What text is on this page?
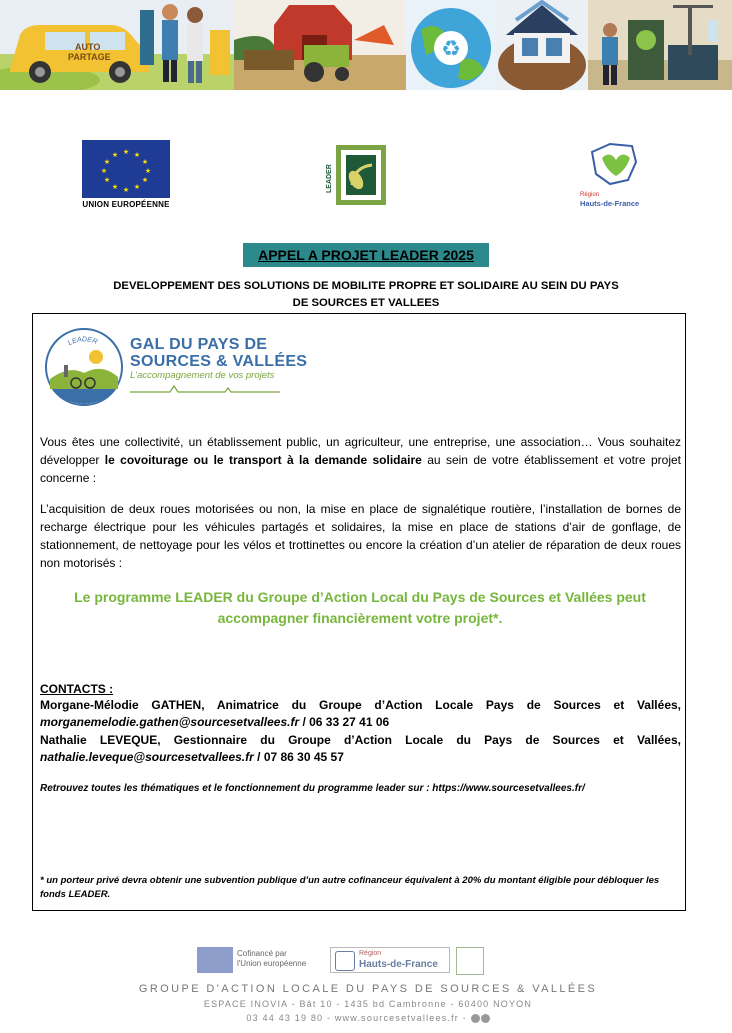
AUTO
PARTAGE	♻
★ ★
★
★
★
★
★
★
★
★
★
★
UNION EUROPÉENNE
LEADER
Région
Hauts-de-France
APPEL A PROJET LEADER 2025
DEVELOPPEMENT DES SOLUTIONS DE MOBILITE PROPRE ET SOLIDAIRE AU SEIN DU PAYS
DE SOURCES ET VALLEES
LEADER GAL DU PAYS DE
SOURCES & VALLÉES
L'accompagnement de vos projets
Vous êtes une collectivité, un établissement public, un agriculteur, une entreprise, une association… Vous souhaitez développer le covoiturage ou le transport à la demande solidaire au sein de votre établissement et votre projet concerne :
L’acquisition de deux roues motorisées ou non, la mise en place de signalétique routière, l’installation de bornes de recharge électrique pour les véhicules partagés et solidaires, la mise en place de stations d’air de gonflage, de stationnement, de nettoyage pour les vélos et trottinettes ou encore la création d’un atelier de réparation de deux roues non motorisés :
Le programme LEADER du Groupe d’Action Local du Pays de Sources et Vallées peut
accompagner financièrement votre projet*.
CONTACTS :
Morgane-Mélodie GATHEN, Animatrice du Groupe d’Action Locale Pays de Sources et Vallées,
morganemelodie.gathen@sourcesetvallees.fr / 06 33 27 41 06
Nathalie LEVEQUE, Gestionnaire du Groupe d’Action Locale du Pays de Sources et Vallées,
nathalie.leveque@sourcesetvallees.fr / 07 86 30 45 57
Retrouvez toutes les thématiques et le fonctionnement du programme leader sur : https://www.sourcesetvallees.fr/
* un porteur privé devra obtenir une subvention publique d’un autre cofinanceur équivalent à 20% du montant éligible pour débloquer les fonds LEADER.
Cofinancé par
l'Union européenne
Région
Hauts-de-France
GROUPE D'ACTION LOCALE DU PAYS DE SOURCES & VALLÉES
ESPACE INOVIA - Bât 10 - 1435 bd Cambronne - 60400 NOYON
03 44 43 19 80 - www.sourcesetvallees.fr -
